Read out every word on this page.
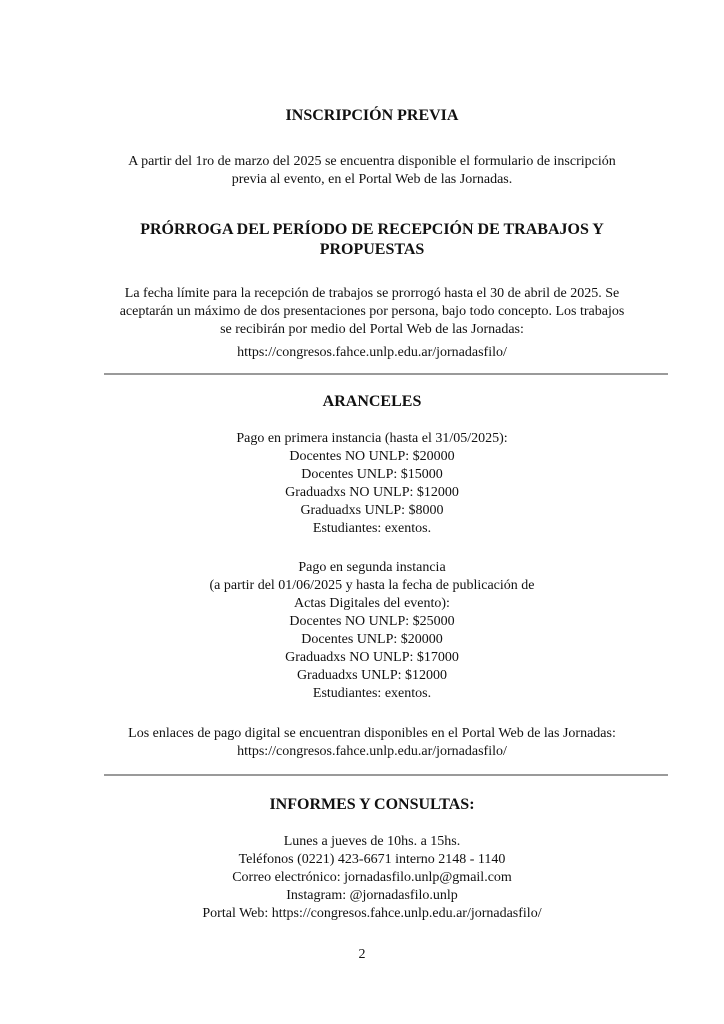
INSCRIPCIÓN PREVIA

A partir del 1ro de marzo del 2025 se encuentra disponible el formulario de inscripción
previa al evento, en el Portal Web de las Jornadas.

PRÓRROGA DEL PERÍODO DE RECEPCIÓN DE TRABAJOS Y
PROPUESTAS

La fecha límite para la recepción de trabajos se prorrogó hasta el 30 de abril de 2025. Se
aceptarán un máximo de dos presentaciones por persona, bajo todo concepto. Los trabajos
se recibirán por medio del Portal Web de las Jornadas:

https://congresos.fahce.unlp.edu.ar/jornadasfilo/

ARANCELES

Pago en primera instancia (hasta el 31/05/2025):
Docentes NO UNLP: $20000
Docentes UNLP: $15000
Graduadxs NO UNLP: $12000
Graduadxs UNLP: $8000
Estudiantes: exentos.

Pago en segunda instancia
(a partir del 01/06/2025 y hasta la fecha de publicación de
Actas Digitales del evento):
Docentes NO UNLP: $25000
Docentes UNLP: $20000
Graduadxs NO UNLP: $17000
Graduadxs UNLP: $12000
Estudiantes: exentos.

Los enlaces de pago digital se encuentran disponibles en el Portal Web de las Jornadas:
https://congresos.fahce.unlp.edu.ar/jornadasfilo/

INFORMES Y CONSULTAS:

Lunes a jueves de 10hs. a 15hs.
Teléfonos (0221) 423-6671 interno 2148 - 1140
Correo electrónico: jornadasfilo.unlp@gmail.com
Instagram: @jornadasfilo.unlp
Portal Web: https://congresos.fahce.unlp.edu.ar/jornadasfilo/

2
